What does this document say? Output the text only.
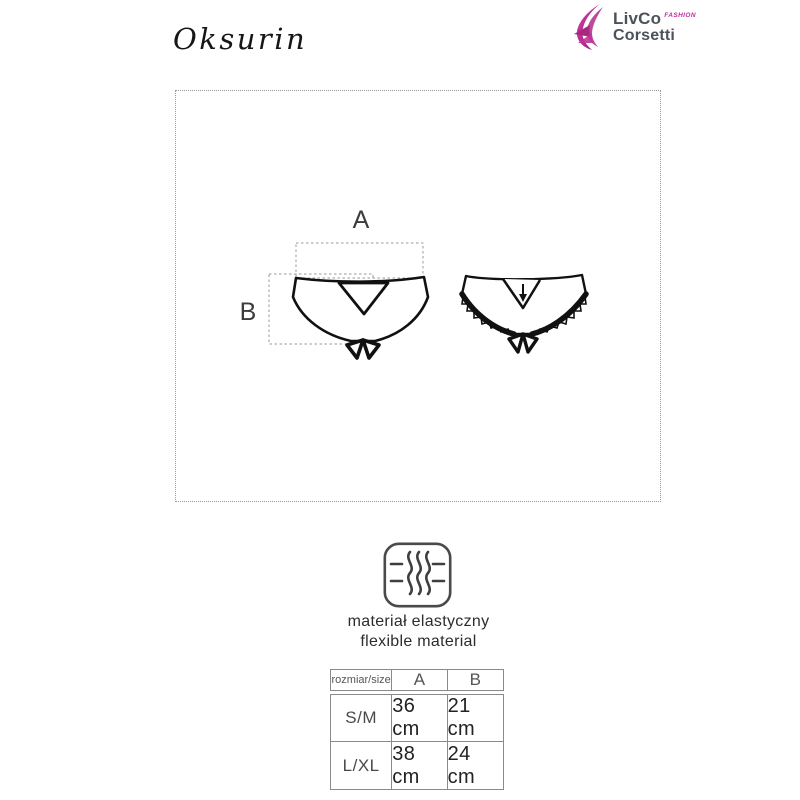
Oksurin
LivCo FASHION
Corsetti
A
B
materiał elastyczny
flexible material
rozmiar/size	A	B
S/M
36 cm
21 cm
L/XL
38 cm
24 cm
